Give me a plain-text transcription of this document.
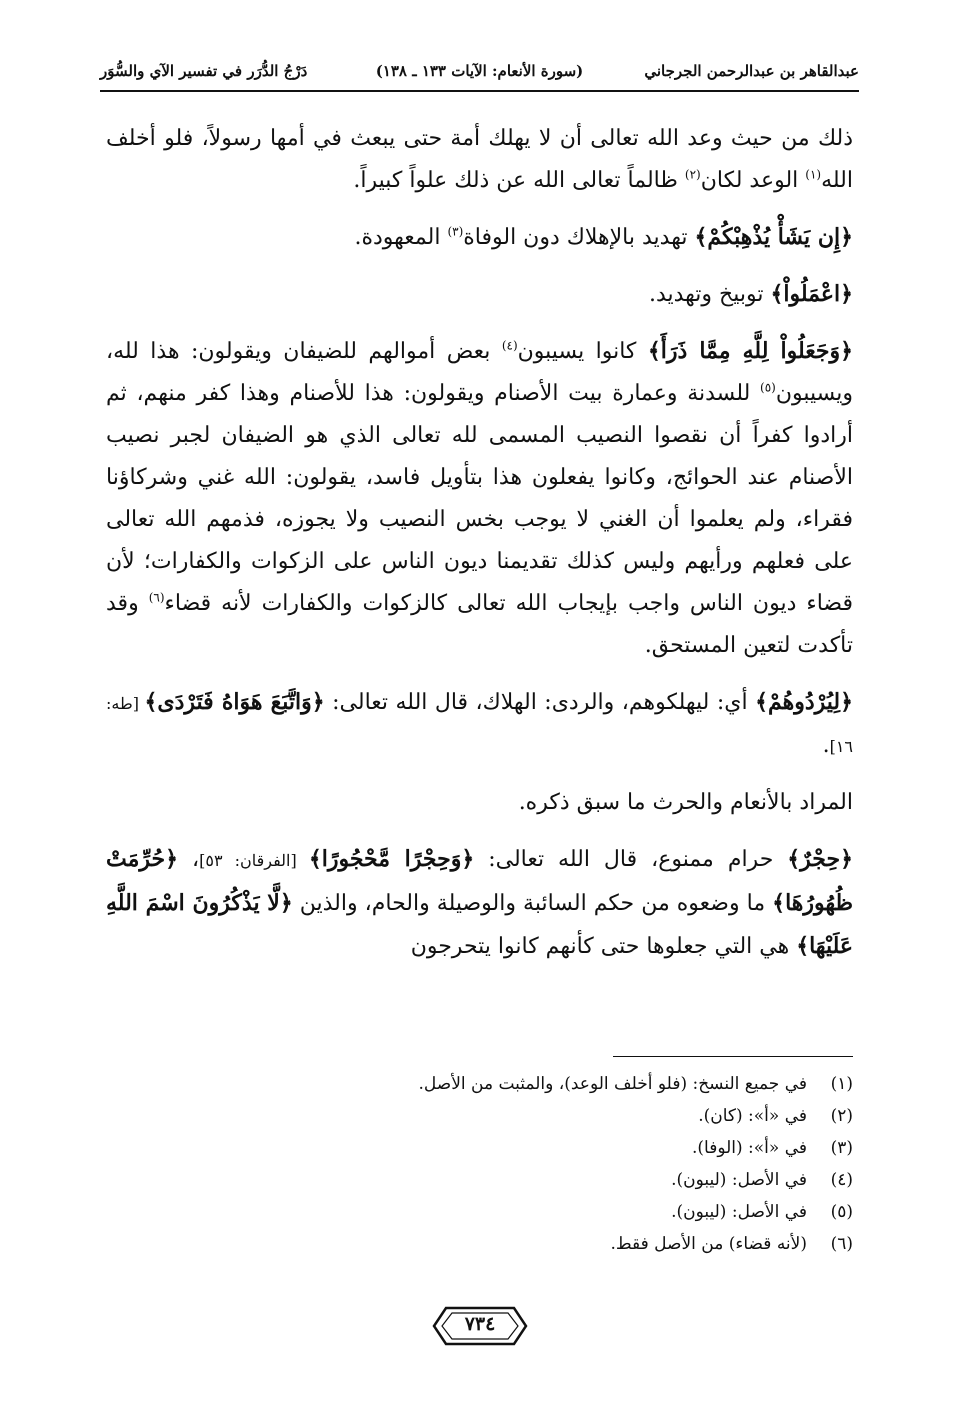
عبدالقاهر بن عبدالرحمن الجرجاني
(سورة الأنعام: الآيات ١٣٣ ـ ١٣٨)
دَرْجُ الدُّرَر في تفسير الآي والسُّوَر

ذلك من حيث وعد الله تعالى أن لا يهلك أمة حتى يبعث في أمها رسولاً، فلو أخلف الله$^{(١)}$ الوعد لكان$^{(٢)}$ ظالماً تعالى الله عن ذلك علواً كبيراً.

﴿إِن يَشَأْ يُذْهِبْكُمْ﴾ تهديد بالإهلاك دون الوفاة$^{(٣)}$ المعهودة.

﴿اعْمَلُواْ﴾ توبيخ وتهديد.

﴿وَجَعَلُواْ لِلَّهِ مِمَّا ذَرَأَ﴾ كانوا يسيبون$^{(٤)}$ بعض أموالهم للضيفان ويقولون: هذا لله، ويسيبون$^{(٥)}$ للسدنة وعمارة بيت الأصنام ويقولون: هذا للأصنام وهذا كفر منهم، ثم أرادوا كفراً أن نقصوا النصيب المسمى لله تعالى الذي هو الضيفان لجبر نصيب الأصنام عند الحوائج، وكانوا يفعلون هذا بتأويل فاسد، يقولون: الله غني وشركاؤنا فقراء، ولم يعلموا أن الغني لا يوجب بخس النصيب ولا يجوزه، فذمهم الله تعالى على فعلهم ورأيهم وليس كذلك تقديمنا ديون الناس على الزكوات والكفارات؛ لأن قضاء ديون الناس واجب بإيجاب الله تعالى كالزكوات والكفارات لأنه قضاء$^{(٦)}$ وقد تأكدت لتعين المستحق.

﴿لِيُرْدُوهُمْ﴾ أي: ليهلكوهم، والردى: الهلاك، قال الله تعالى: ﴿وَاتَّبَعَ هَوَاهُ فَتَرْدَى﴾ [طه: ١٦].

المراد بالأنعام والحرث ما سبق ذكره.

﴿حِجْرٌ﴾ حرام ممنوع، قال الله تعالى: ﴿وَحِجْرًا مَّحْجُورًا﴾ [الفرقان: ٥٣]، ﴿حُرِّمَتْ ظُهُورُهَا﴾ ما وضعوه من حكم السائبة والوصيلة والحام، والذين ﴿لَّا يَذْكُرُونَ اسْمَ اللَّهِ عَلَيْهَا﴾ هي التي جعلوها حتى كأنهم كانوا يتحرجون

(١)
في جميع النسخ: (فلو أخلف الوعد)، والمثبت من الأصل.
(٢)
في «أ»: (كان).
(٣)
في «أ»: (الوفا).
(٤)
في الأصل: (ليبون).
(٥)
في الأصل: (ليبون).
(٦)
(لأنه قضاء) من الأصل فقط.
٧٣٤
